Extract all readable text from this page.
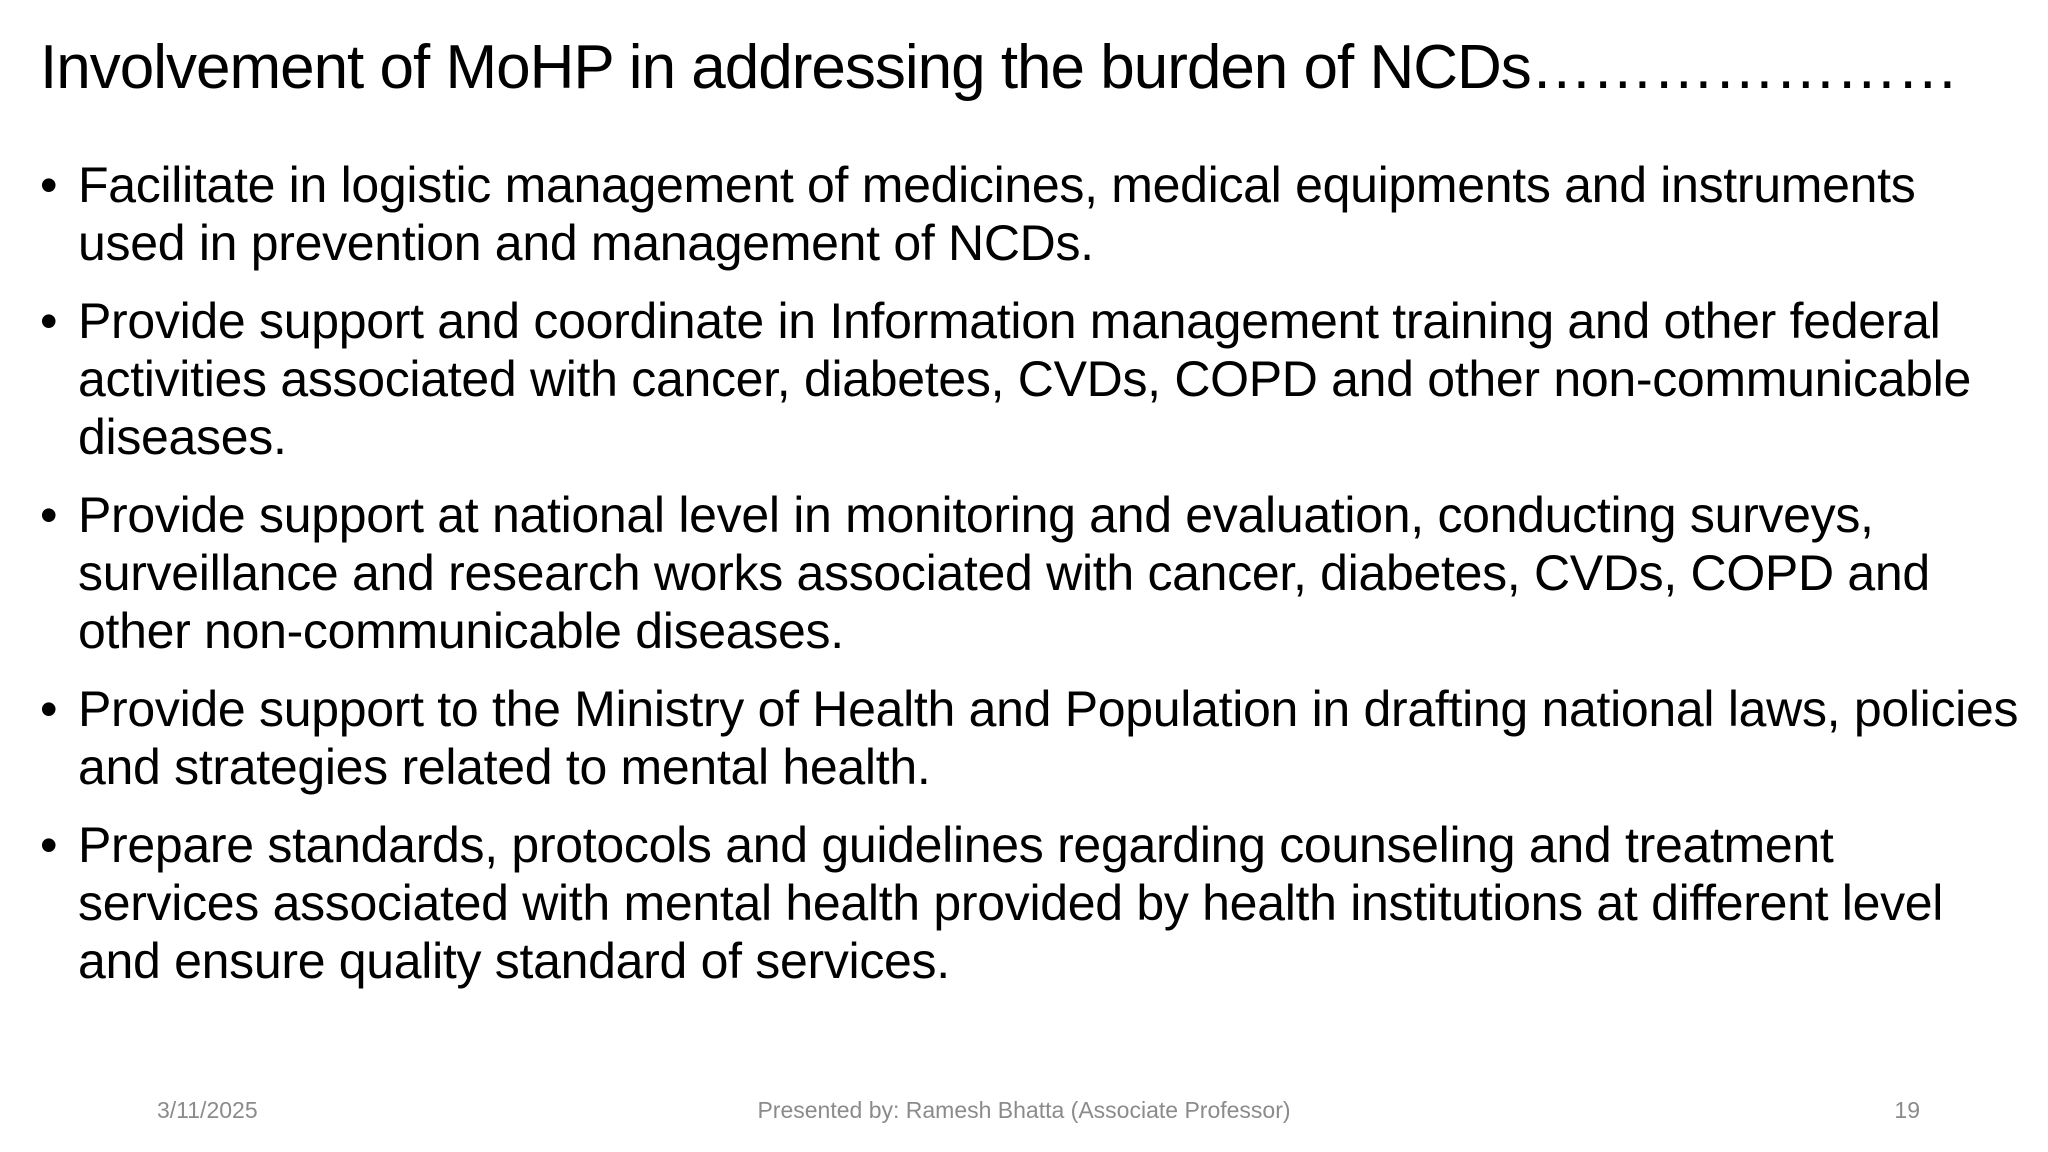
Involvement of MoHP in addressing the burden of NCDs…………………
• Facilitate in logistic management of medicines, medical equipments and instruments used in prevention and management of NCDs.
• Provide support and coordinate in Information management training and other federal activities associated with cancer, diabetes, CVDs, COPD and other non-communicable diseases.
• Provide support at national level in monitoring and evaluation, conducting surveys, surveillance and research works associated with cancer, diabetes, CVDs, COPD and other non-communicable diseases.
• Provide support to the Ministry of Health and Population in drafting national laws, policies and strategies related to mental health.
• Prepare standards, protocols and guidelines regarding counseling and treatment services associated with mental health provided by health institutions at different level and ensure quality standard of services.
Presented by: Ramesh Bhatta (Associate Professor)
3/11/2025	19
